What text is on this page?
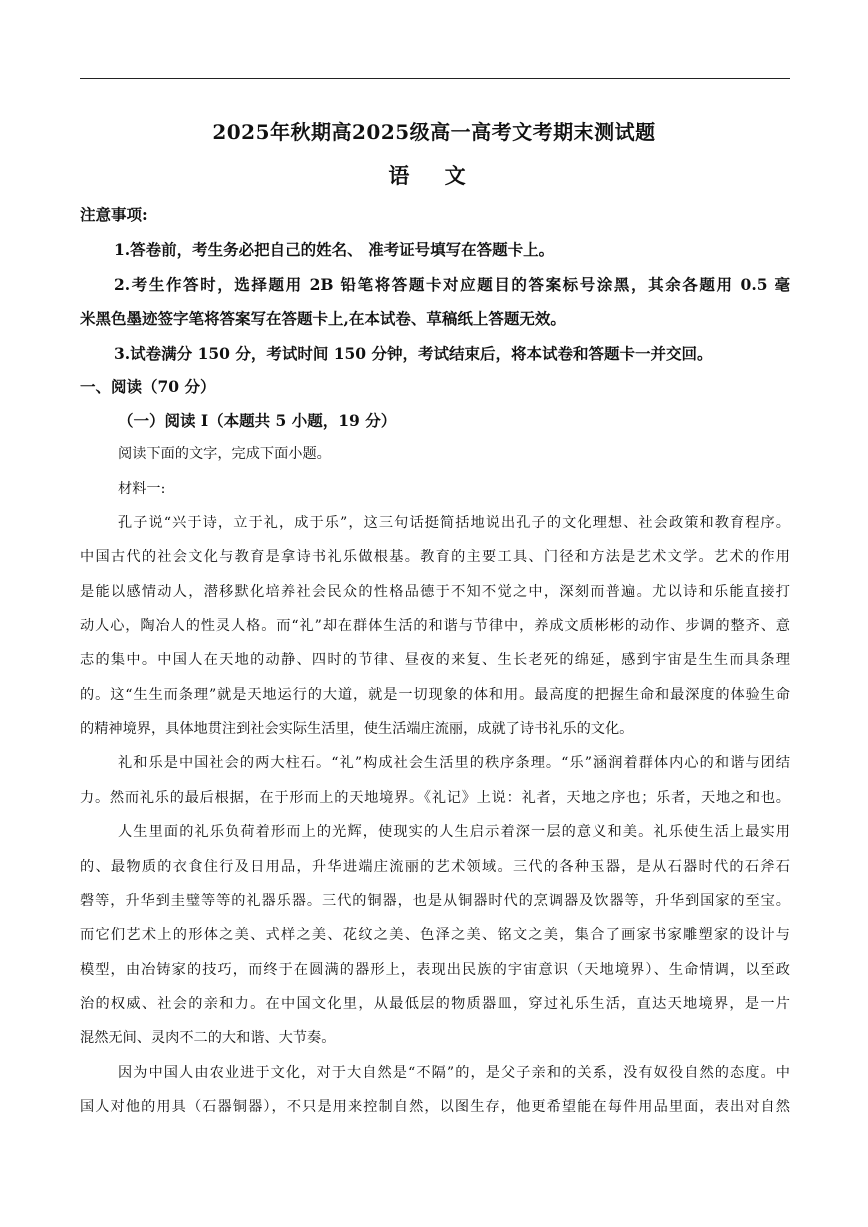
2025年秋期高2025级高一高考文考期末测试题
语 文
注意事项:
1.答卷前，考生务必把自己的姓名、 准考证号填写在答题卡上。
2.考生作答时，选择题用 2B 铅笔将答题卡对应题目的答案标号涂黑，其余各题用 0.5 毫
米黑色墨迹签字笔将答案写在答题卡上,在本试卷、草稿纸上答题无效。
3.试卷满分 150 分，考试时间 150 分钟，考试结束后，将本试卷和答题卡一并交回。
一、阅读（70 分）
（一）阅读 I（本题共 5 小题，19 分）
阅读下面的文字，完成下面小题。
材料一:
孔子说“兴于诗，立于礼，成于乐”，这三句话挺简括地说出孔子的文化理想、社会政策和教育程序。
中国古代的社会文化与教育是拿诗书礼乐做根基。教育的主要工具、门径和方法是艺术文学。艺术的作用
是能以感情动人，潜移默化培养社会民众的性格品德于不知不觉之中，深刻而普遍。尤以诗和乐能直接打
动人心，陶冶人的性灵人格。而“礼”却在群体生活的和谐与节律中，养成文质彬彬的动作、步调的整齐、意
志的集中。中国人在天地的动静、四时的节律、昼夜的来复、生长老死的绵延，感到宇宙是生生而具条理
的。这“生生而条理”就是天地运行的大道，就是一切现象的体和用。最高度的把握生命和最深度的体验生命
的精神境界，具体地贯注到社会实际生活里，使生活端庄流丽，成就了诗书礼乐的文化。
礼和乐是中国社会的两大柱石。“礼”构成社会生活里的秩序条理。“乐”涵润着群体内心的和谐与团结
力。然而礼乐的最后根据，在于形而上的天地境界。《礼记》上说：礼者，天地之序也；乐者，天地之和也。
人生里面的礼乐负荷着形而上的光辉，使现实的人生启示着深一层的意义和美。礼乐使生活上最实用
的、最物质的衣食住行及日用品，升华进端庄流丽的艺术领域。三代的各种玉器，是从石器时代的石斧石
磬等，升华到圭璧等等的礼器乐器。三代的铜器，也是从铜器时代的烹调器及饮器等，升华到国家的至宝。
而它们艺术上的形体之美、式样之美、花纹之美、色泽之美、铭文之美，集合了画家书家雕塑家的设计与
模型，由冶铸家的技巧，而终于在圆满的器形上，表现出民族的宇宙意识（天地境界）、生命情调，以至政
治的权威、社会的亲和力。在中国文化里，从最低层的物质器皿，穿过礼乐生活，直达天地境界，是一片
混然无间、灵肉不二的大和谐、大节奏。
因为中国人由农业进于文化，对于大自然是“不隔”的，是父子亲和的关系，没有奴役自然的态度。中
国人对他的用具（石器铜器），不只是用来控制自然，以图生存，他更希望能在每件用品里面，表出对自然
